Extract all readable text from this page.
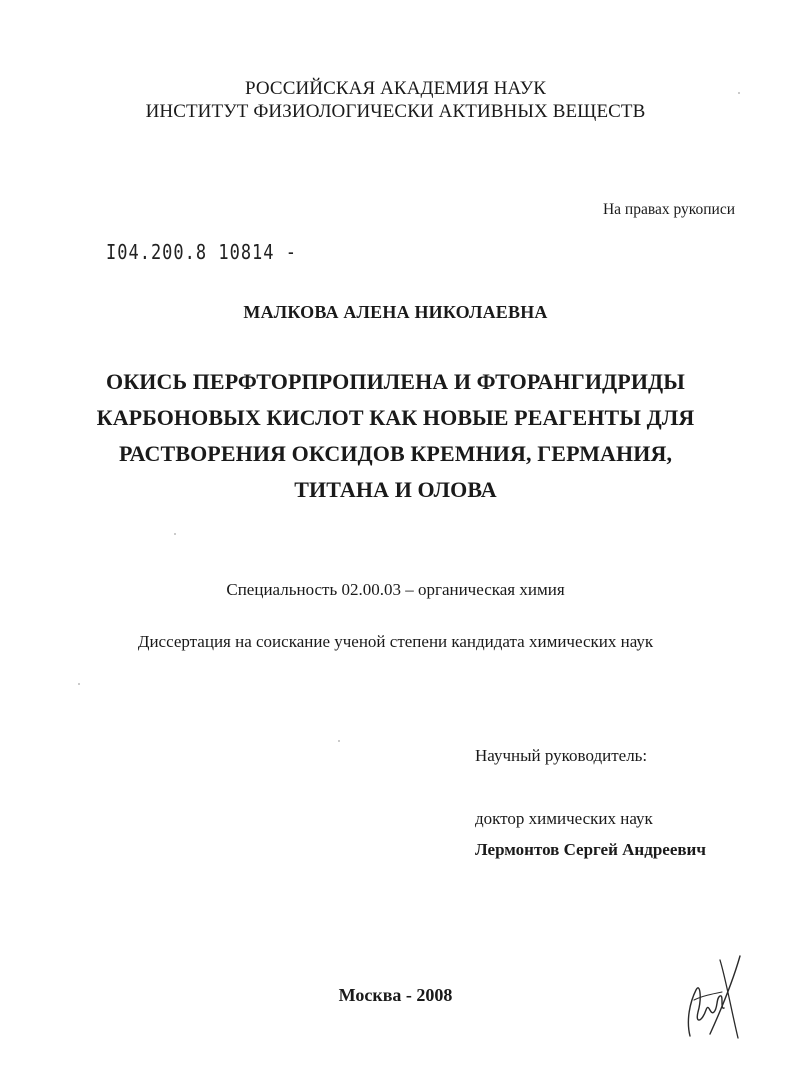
РОССИЙСКАЯ АКАДЕМИЯ НАУК
ИНСТИТУТ ФИЗИОЛОГИЧЕСКИ АКТИВНЫХ ВЕЩЕСТВ
На правах рукописи
I04.200.8 10814 -
МАЛКОВА АЛЕНА НИКОЛАЕВНА
ОКИСЬ ПЕРФТОРПРОПИЛЕНА И ФТОРАНГИДРИДЫ
КАРБОНОВЫХ КИСЛОТ КАК НОВЫЕ РЕАГЕНТЫ ДЛЯ
РАСТВОРЕНИЯ ОКСИДОВ КРЕМНИЯ, ГЕРМАНИЯ,
ТИТАНА И ОЛОВА
Специальность 02.00.03 – органическая химия
Диссертация на соискание ученой степени кандидата химических наук
Научный руководитель:
доктор химических наук
Лермонтов Сергей Андреевич
Москва - 2008
